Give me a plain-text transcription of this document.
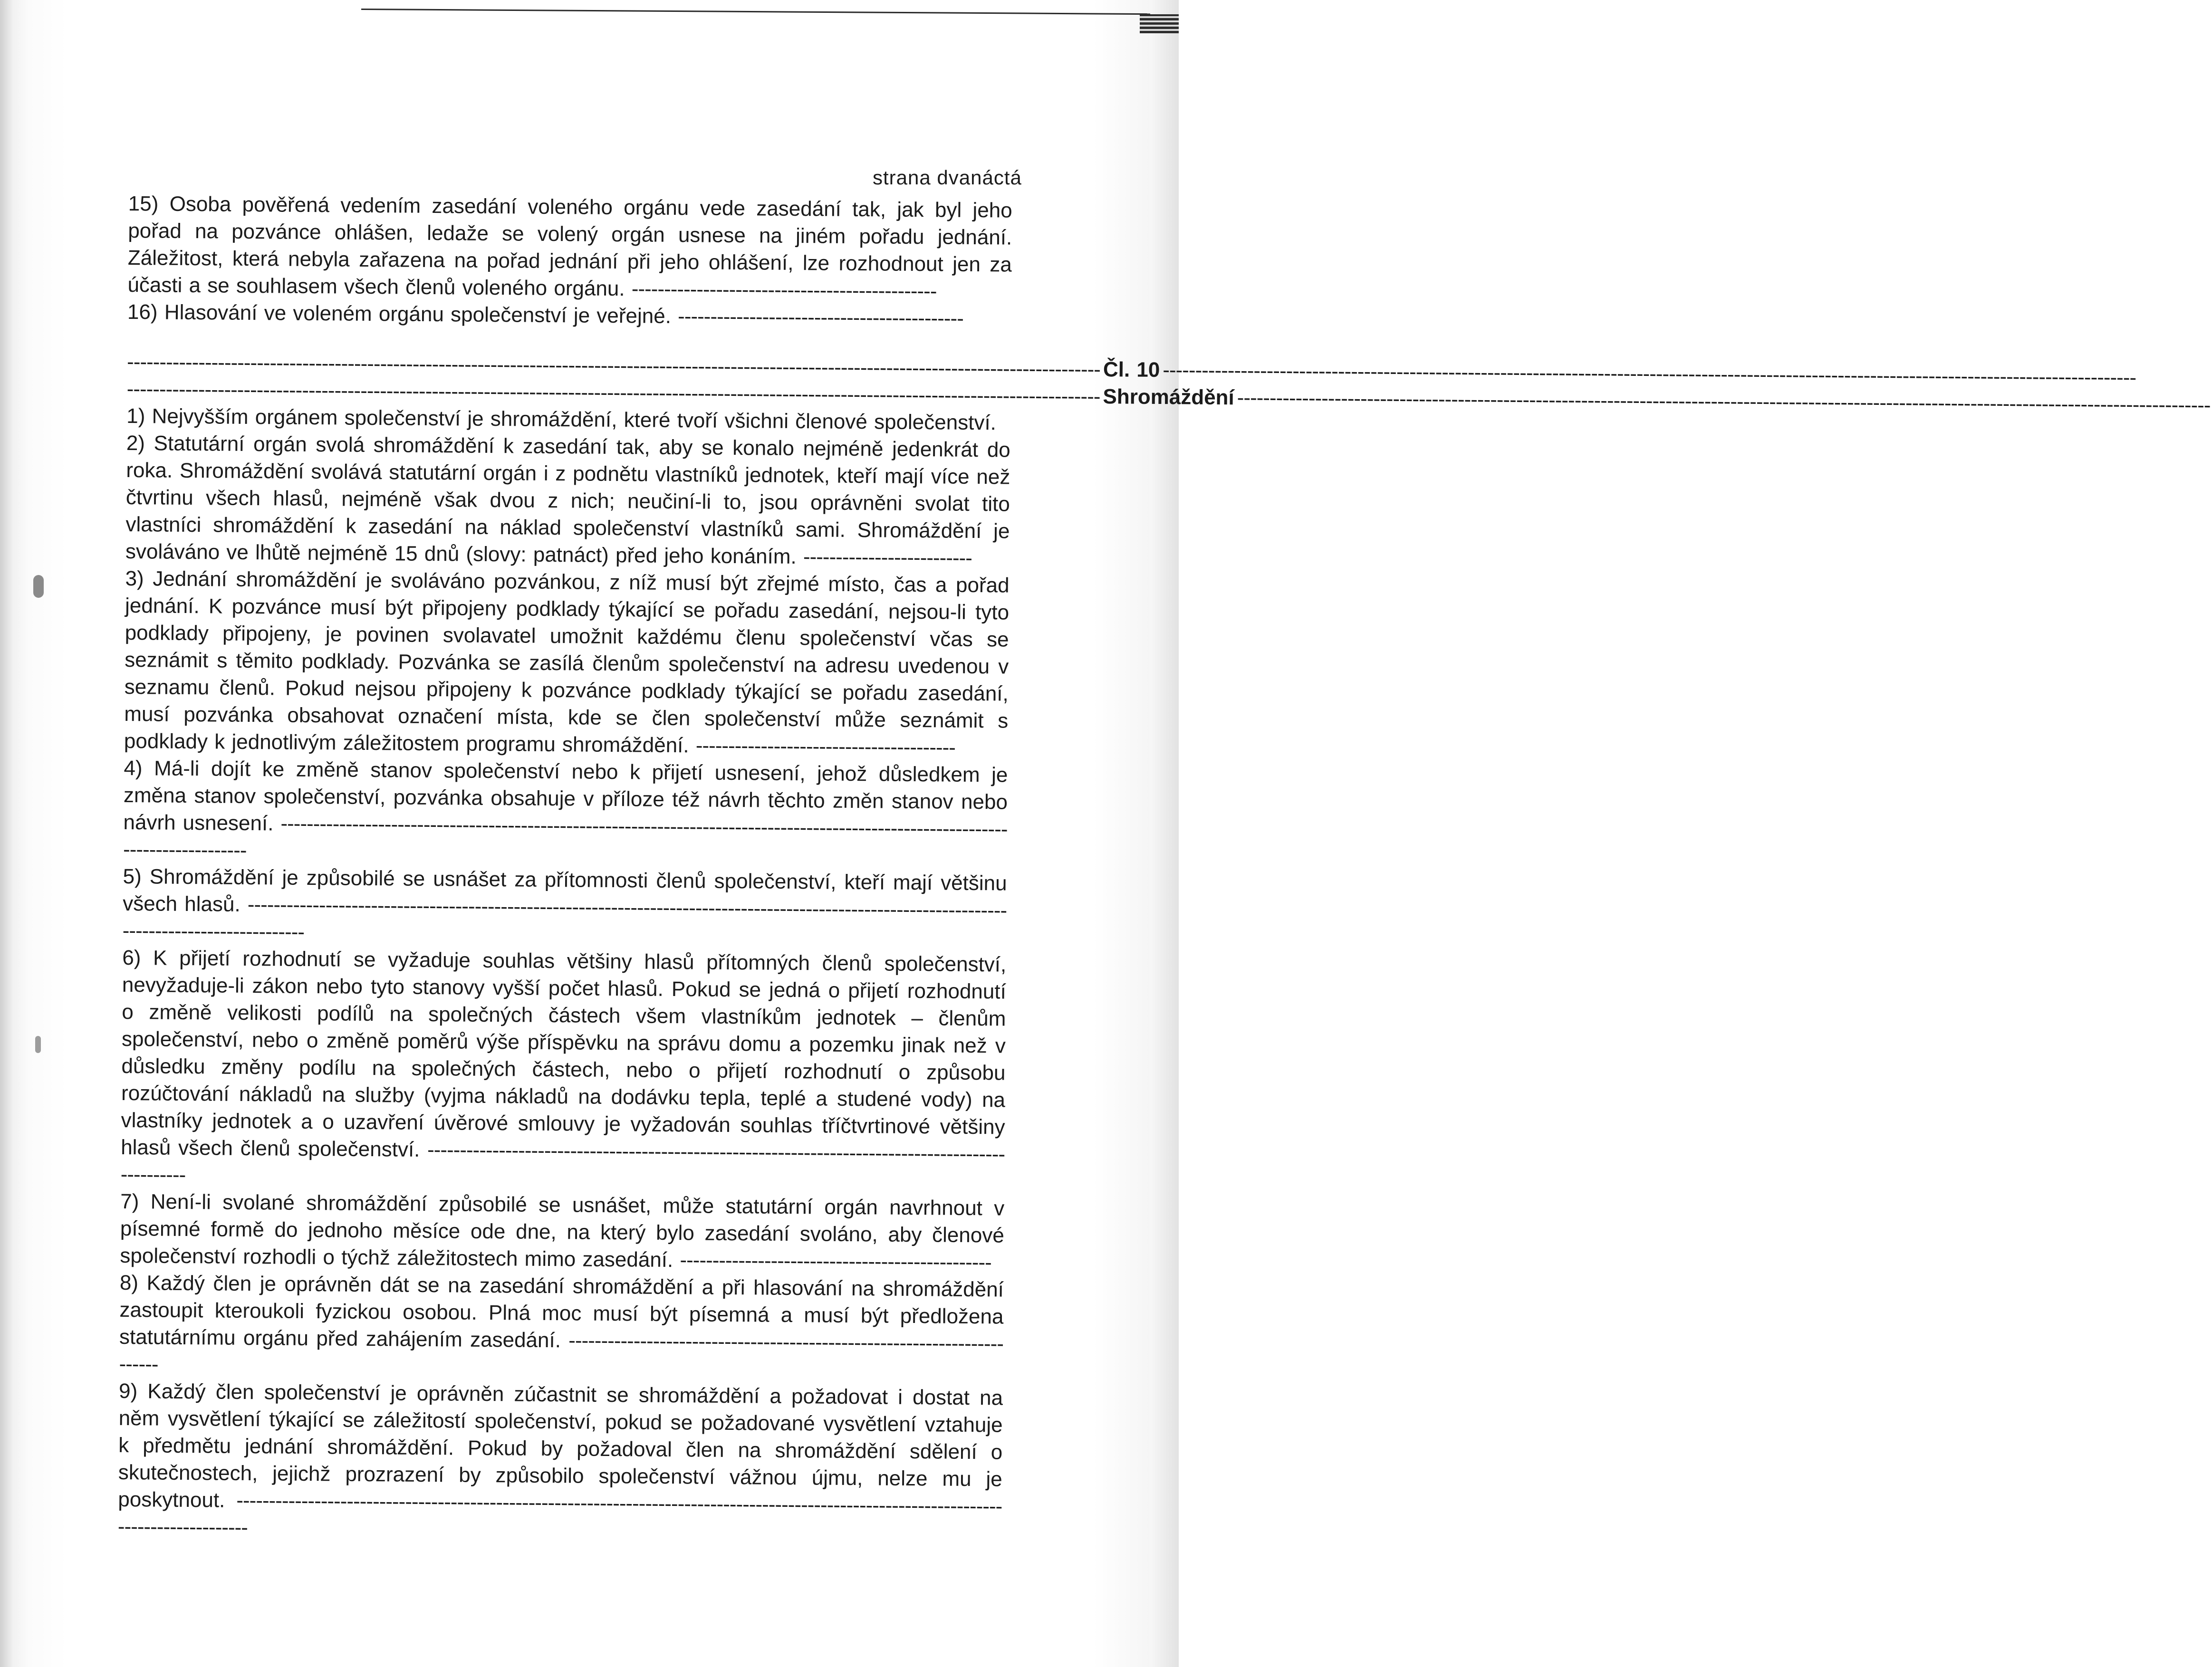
strana dvanáctá

15) Osoba pověřená vedením zasedání voleného orgánu vede zasedání tak, jak byl jeho pořad na pozvánce ohlášen, ledaže se volený orgán usnese na jiném pořadu jednání. Záležitost, která nebyla zařazena na pořad jednání při jeho ohlášení, lze rozhodnout jen za účasti a se souhlasem všech členů voleného orgánu. -----------------------------------------------

16) Hlasování ve voleném orgánu společenství je veřejné. --------------------------------------------

------------------------------------------------------------------------------------------------------------------------------------------------------ Čl. 10 ------------------------------------------------------------------------------------------------------------------------------------------------------
------------------------------------------------------------------------------------------------------------------------------------------------------ Shromáždění ------------------------------------------------------------------------------------------------------------------------------------------------------

1) Nejvyšším orgánem společenství je shromáždění, které tvoří všichni členové společenství.

2) Statutární orgán svolá shromáždění k zasedání tak, aby se konalo nejméně jedenkrát do roka. Shromáždění svolává statutární orgán i z podnětu vlastníků jednotek, kteří mají více než čtvrtinu všech hlasů, nejméně však dvou z nich; neučiní-li to, jsou oprávněni svolat tito vlastníci shromáždění k zasedání na náklad společenství vlastníků sami. Shromáždění je svoláváno ve lhůtě nejméně 15 dnů (slovy: patnáct) před jeho konáním. --------------------------

3) Jednání shromáždění je svoláváno pozvánkou, z níž musí být zřejmé místo, čas a pořad jednání. K pozvánce musí být připojeny podklady týkající se pořadu zasedání, nejsou-li tyto podklady připojeny, je povinen svolavatel umožnit každému členu společenství včas se seznámit s těmito podklady. Pozvánka se zasílá členům společenství na adresu uvedenou v seznamu členů. Pokud nejsou připojeny k pozvánce podklady týkající se pořadu zasedání, musí pozvánka obsahovat označení místa, kde se člen společenství může seznámit s podklady k jednotlivým záležitostem programu shromáždění. ----------------------------------------

4) Má-li dojít ke změně stanov společenství nebo k přijetí usnesení, jehož důsledkem je změna stanov společenství, pozvánka obsahuje v příloze též návrh těchto změn stanov nebo návrh usnesení. -----------------------------------------------------------------------------------------------------------------------------------

5) Shromáždění je způsobilé se usnášet za přítomnosti členů společenství, kteří mají většinu všech hlasů. -------------------------------------------------------------------------------------------------------------------------------------------------

6) K přijetí rozhodnutí se vyžaduje souhlas většiny hlasů přítomných členů společenství, nevyžaduje-li zákon nebo tyto stanovy vyšší počet hlasů. Pokud se jedná o přijetí rozhodnutí o změně velikosti podílů na společných částech všem vlastníkům jednotek – členům společenství, nebo o změně poměrů výše příspěvku na správu domu a pozemku jinak než v důsledku změny podílu na společných částech, nebo o přijetí rozhodnutí o způsobu rozúčtování nákladů na služby (vyjma nákladů na dodávku tepla, teplé a studené vody) na vlastníky jednotek a o uzavření úvěrové smlouvy je vyžadován souhlas tříčtvrtinové většiny hlasů všech členů společenství. ---------------------------------------------------------------------------------------------------

7) Není-li svolané shromáždění způsobilé se usnášet, může statutární orgán navrhnout v písemné formě do jednoho měsíce ode dne, na který bylo zasedání svoláno, aby členové společenství rozhodli o týchž záležitostech mimo zasedání. ------------------------------------------------

8) Každý člen je oprávněn dát se na zasedání shromáždění a při hlasování na shromáždění zastoupit kteroukoli fyzickou osobou. Plná moc musí být písemná a musí být předložena statutárnímu orgánu před zahájením zasedání. -------------------------------------------------------------------------

9) Každý člen společenství je oprávněn zúčastnit se shromáždění a požadovat i dostat na něm vysvětlení týkající se záležitostí společenství, pokud se požadované vysvětlení vztahuje k předmětu jednání shromáždění. Pokud by požadoval člen na shromáždění sdělení o skutečnostech, jejichž prozrazení by způsobilo společenství vážnou újmu, nelze mu je poskytnout. ------------------------------------------------------------------------------------------------------------------------------------------
